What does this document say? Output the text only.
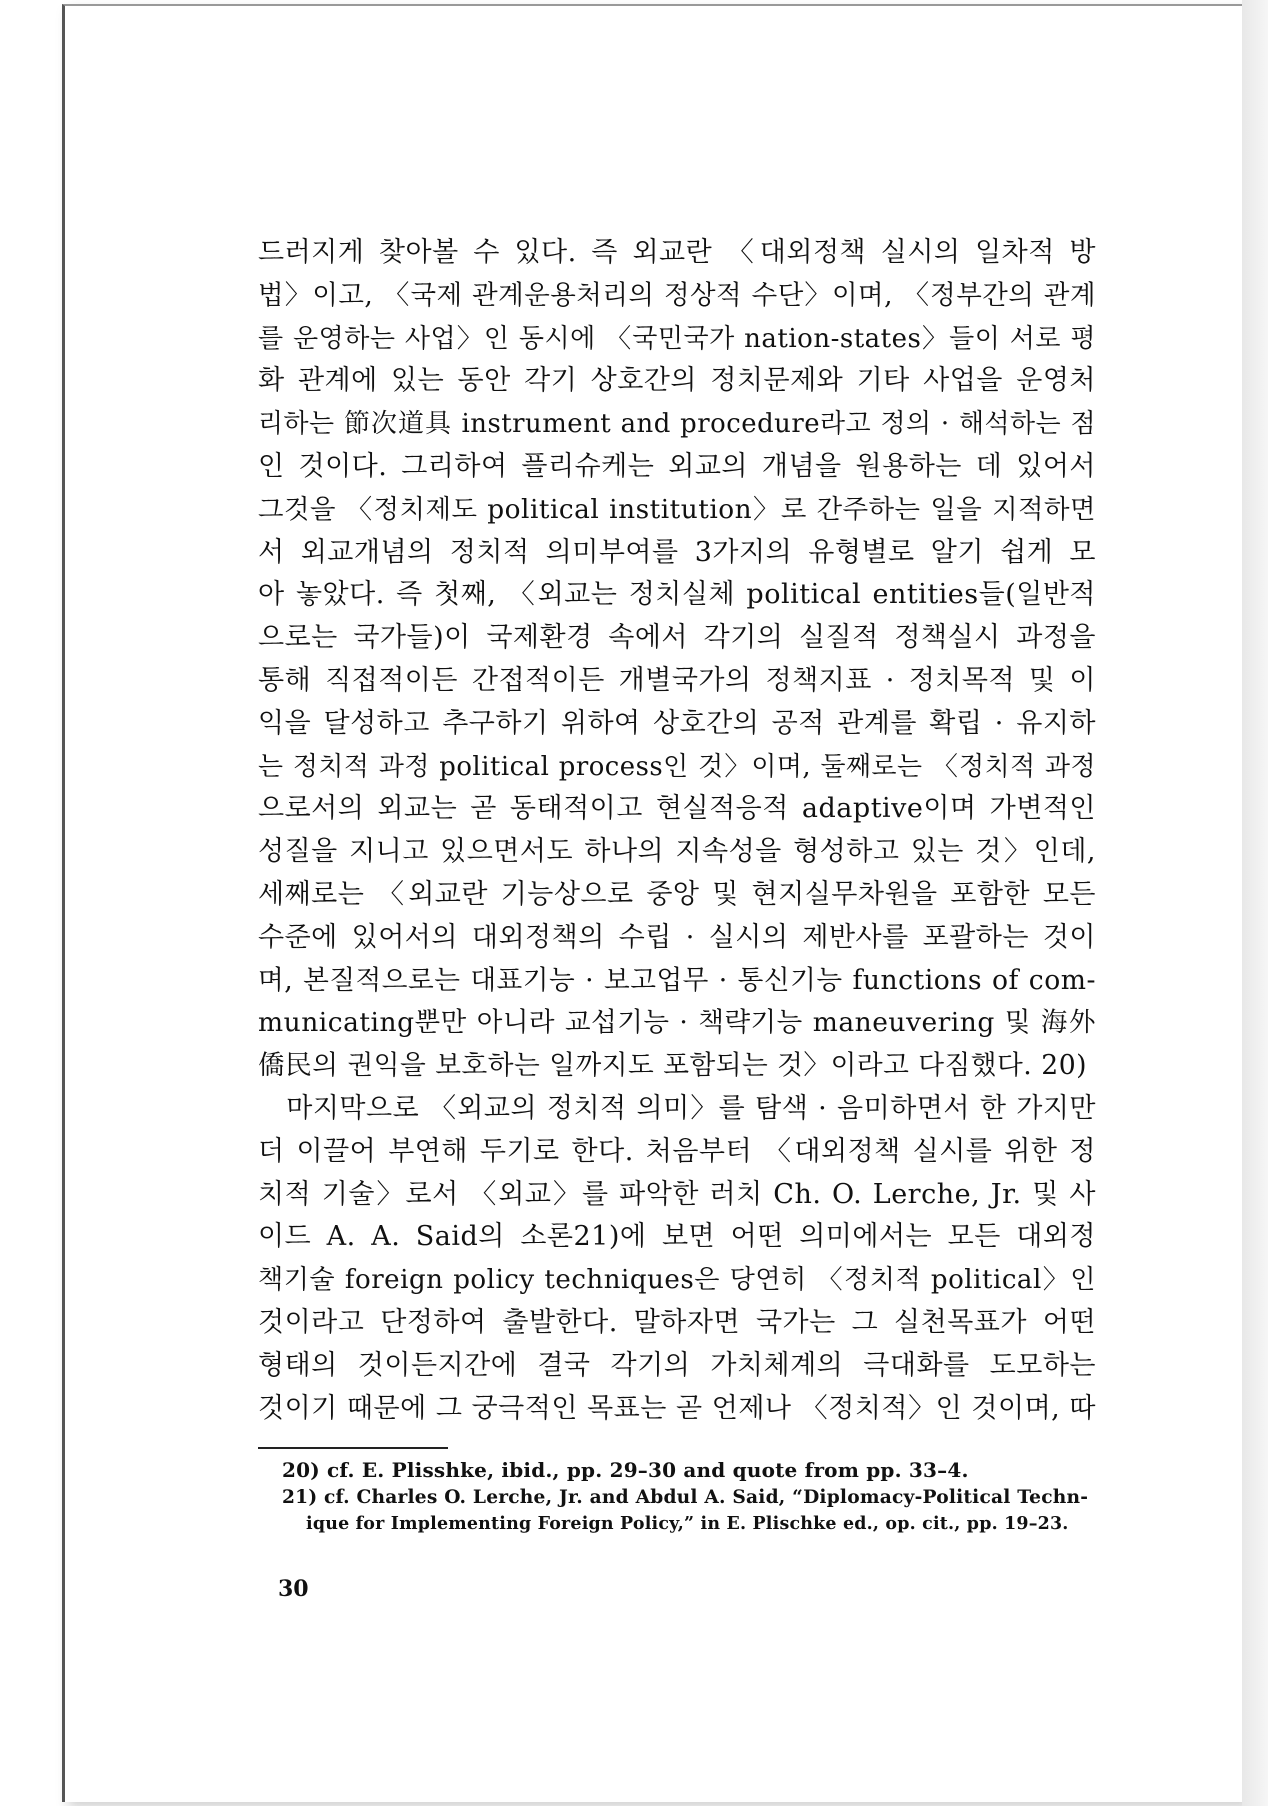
드러지게 찾아볼 수 있다. 즉 외교란 〈대외정책 실시의 일차적 방
법〉이고, 〈국제 관계운용처리의 정상적 수단〉이며, 〈정부간의 관계
를 운영하는 사업〉인 동시에 〈국민국가 nation-states〉들이 서로 평
화 관계에 있는 동안 각기 상호간의 정치문제와 기타 사업을 운영처
리하는 節次道具 instrument and procedure라고 정의 · 해석하는 점
인 것이다. 그리하여 플리슈케는 외교의 개념을 원용하는 데 있어서
그것을 〈정치제도 political institution〉로 간주하는 일을 지적하면
서 외교개념의 정치적 의미부여를 3가지의 유형별로 알기 쉽게 모
아 놓았다. 즉 첫째, 〈외교는 정치실체 political entities들(일반적
으로는 국가들)이 국제환경 속에서 각기의 실질적 정책실시 과정을
통해 직접적이든 간접적이든 개별국가의 정책지표 · 정치목적 및 이
익을 달성하고 추구하기 위하여 상호간의 공적 관계를 확립 · 유지하
는 정치적 과정 political process인 것〉이며, 둘째로는 〈정치적 과정
으로서의 외교는 곧 동태적이고 현실적응적 adaptive이며 가변적인
성질을 지니고 있으면서도 하나의 지속성을 형성하고 있는 것〉인데,
세째로는 〈외교란 기능상으로 중앙 및 현지실무차원을 포함한 모든
수준에 있어서의 대외정책의 수립 · 실시의 제반사를 포괄하는 것이
며, 본질적으로는 대표기능 · 보고업무 · 통신기능 functions of com-
municating뿐만 아니라 교섭기능 · 책략기능 maneuvering 및 海外
僑民의 권익을 보호하는 일까지도 포함되는 것〉이라고 다짐했다. 20)
　마지막으로 〈외교의 정치적 의미〉를 탐색 · 음미하면서 한 가지만
더 이끌어 부연해 두기로 한다. 처음부터 〈대외정책 실시를 위한 정
치적 기술〉로서 〈외교〉를 파악한 러치 Ch. O. Lerche, Jr. 및 사
이드 A. A. Said의 소론21)에 보면 어떤 의미에서는 모든 대외정
책기술 foreign policy techniques은 당연히 〈정치적 political〉인
것이라고 단정하여 출발한다. 말하자면 국가는 그 실천목표가 어떤
형태의 것이든지간에 결국 각기의 가치체계의 극대화를 도모하는
것이기 때문에 그 궁극적인 목표는 곧 언제나 〈정치적〉인 것이며, 따
20) cf. E. Plisshke, ibid., pp. 29–30 and quote from pp. 33–4.
21) cf. Charles O. Lerche, Jr. and Abdul A. Said, “Diplomacy-Political Techn-
ique for Implementing Foreign Policy,” in E. Plischke ed., op. cit., pp. 19–23.
30
